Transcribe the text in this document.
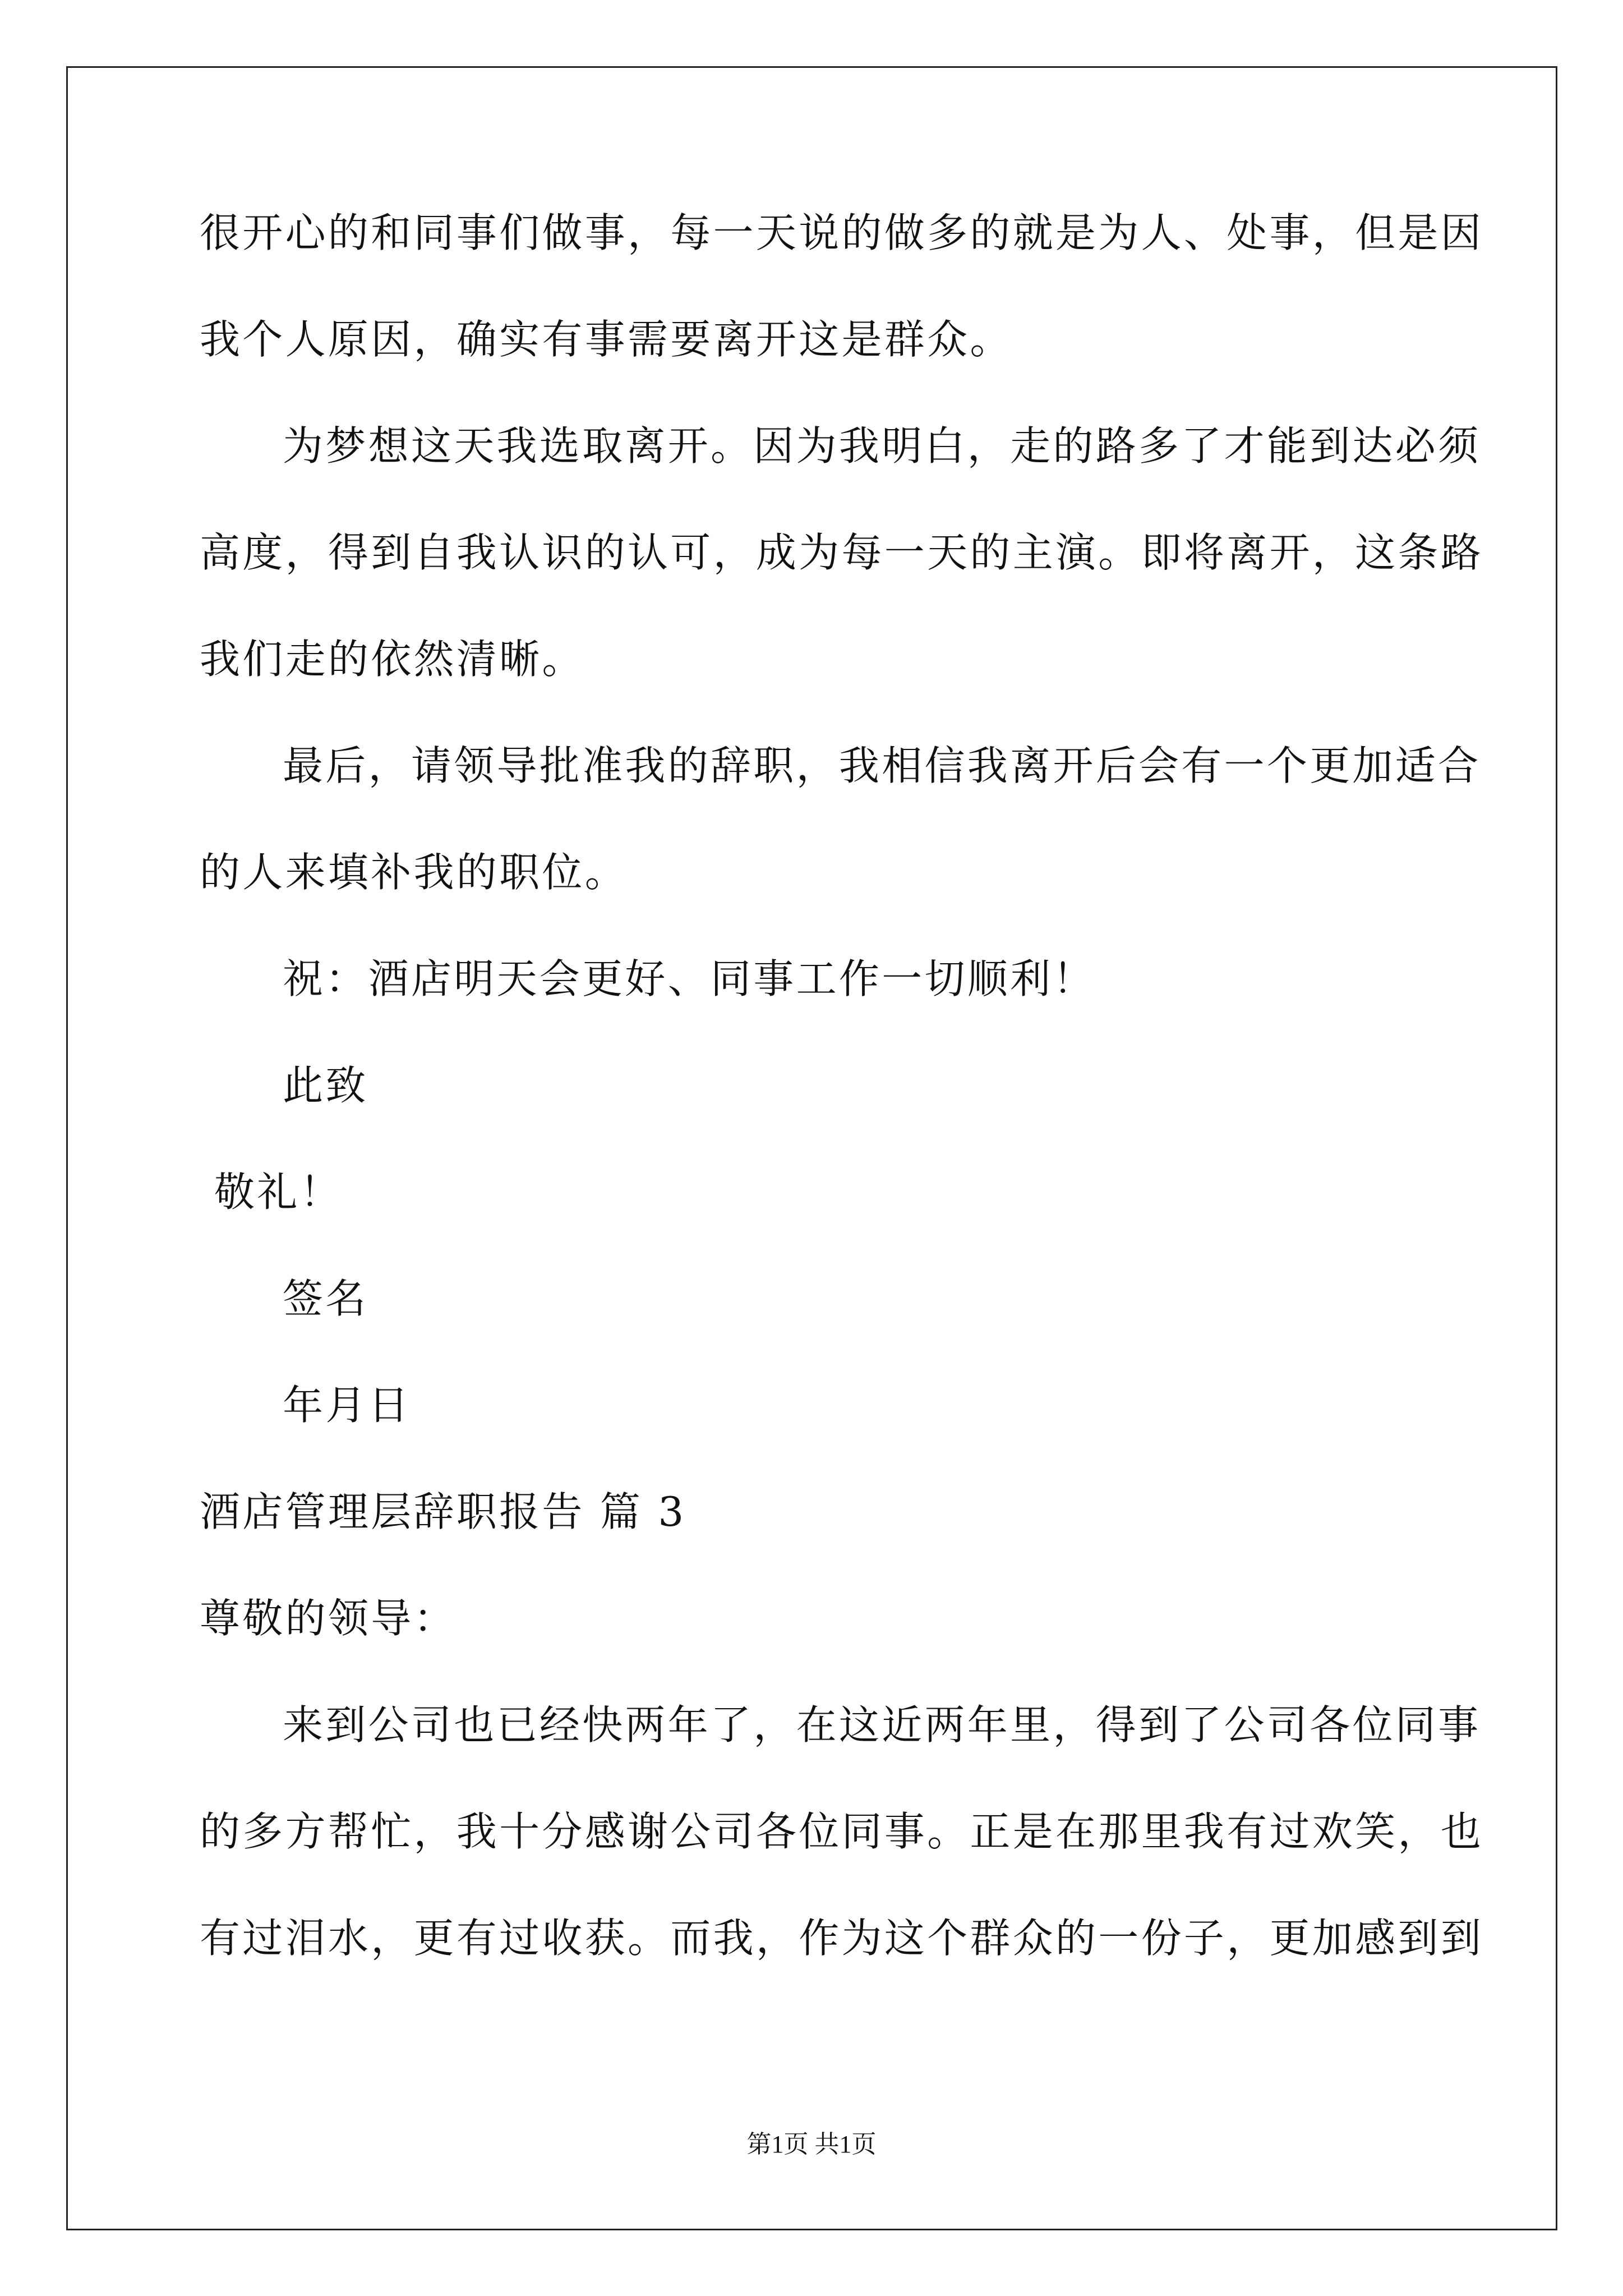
很开心的和同事们做事，每一天说的做多的就是为人、处事，但是因
我个人原因，确实有事需要离开这是群众。
为梦想这天我选取离开。因为我明白，走的路多了才能到达必须
高度，得到自我认识的认可，成为每一天的主演。即将离开，这条路
我们走的依然清晰。
最后，请领导批准我的辞职，我相信我离开后会有一个更加适合
的人来填补我的职位。
祝：酒店明天会更好、同事工作一切顺利！
此致
敬礼！
签名
年月日
酒店管理层辞职报告 篇 3
尊敬的领导：
来到公司也已经快两年了，在这近两年里，得到了公司各位同事
的多方帮忙，我十分感谢公司各位同事。正是在那里我有过欢笑，也
有过泪水，更有过收获。而我，作为这个群众的一份子，更加感到到
第1页 共1页
